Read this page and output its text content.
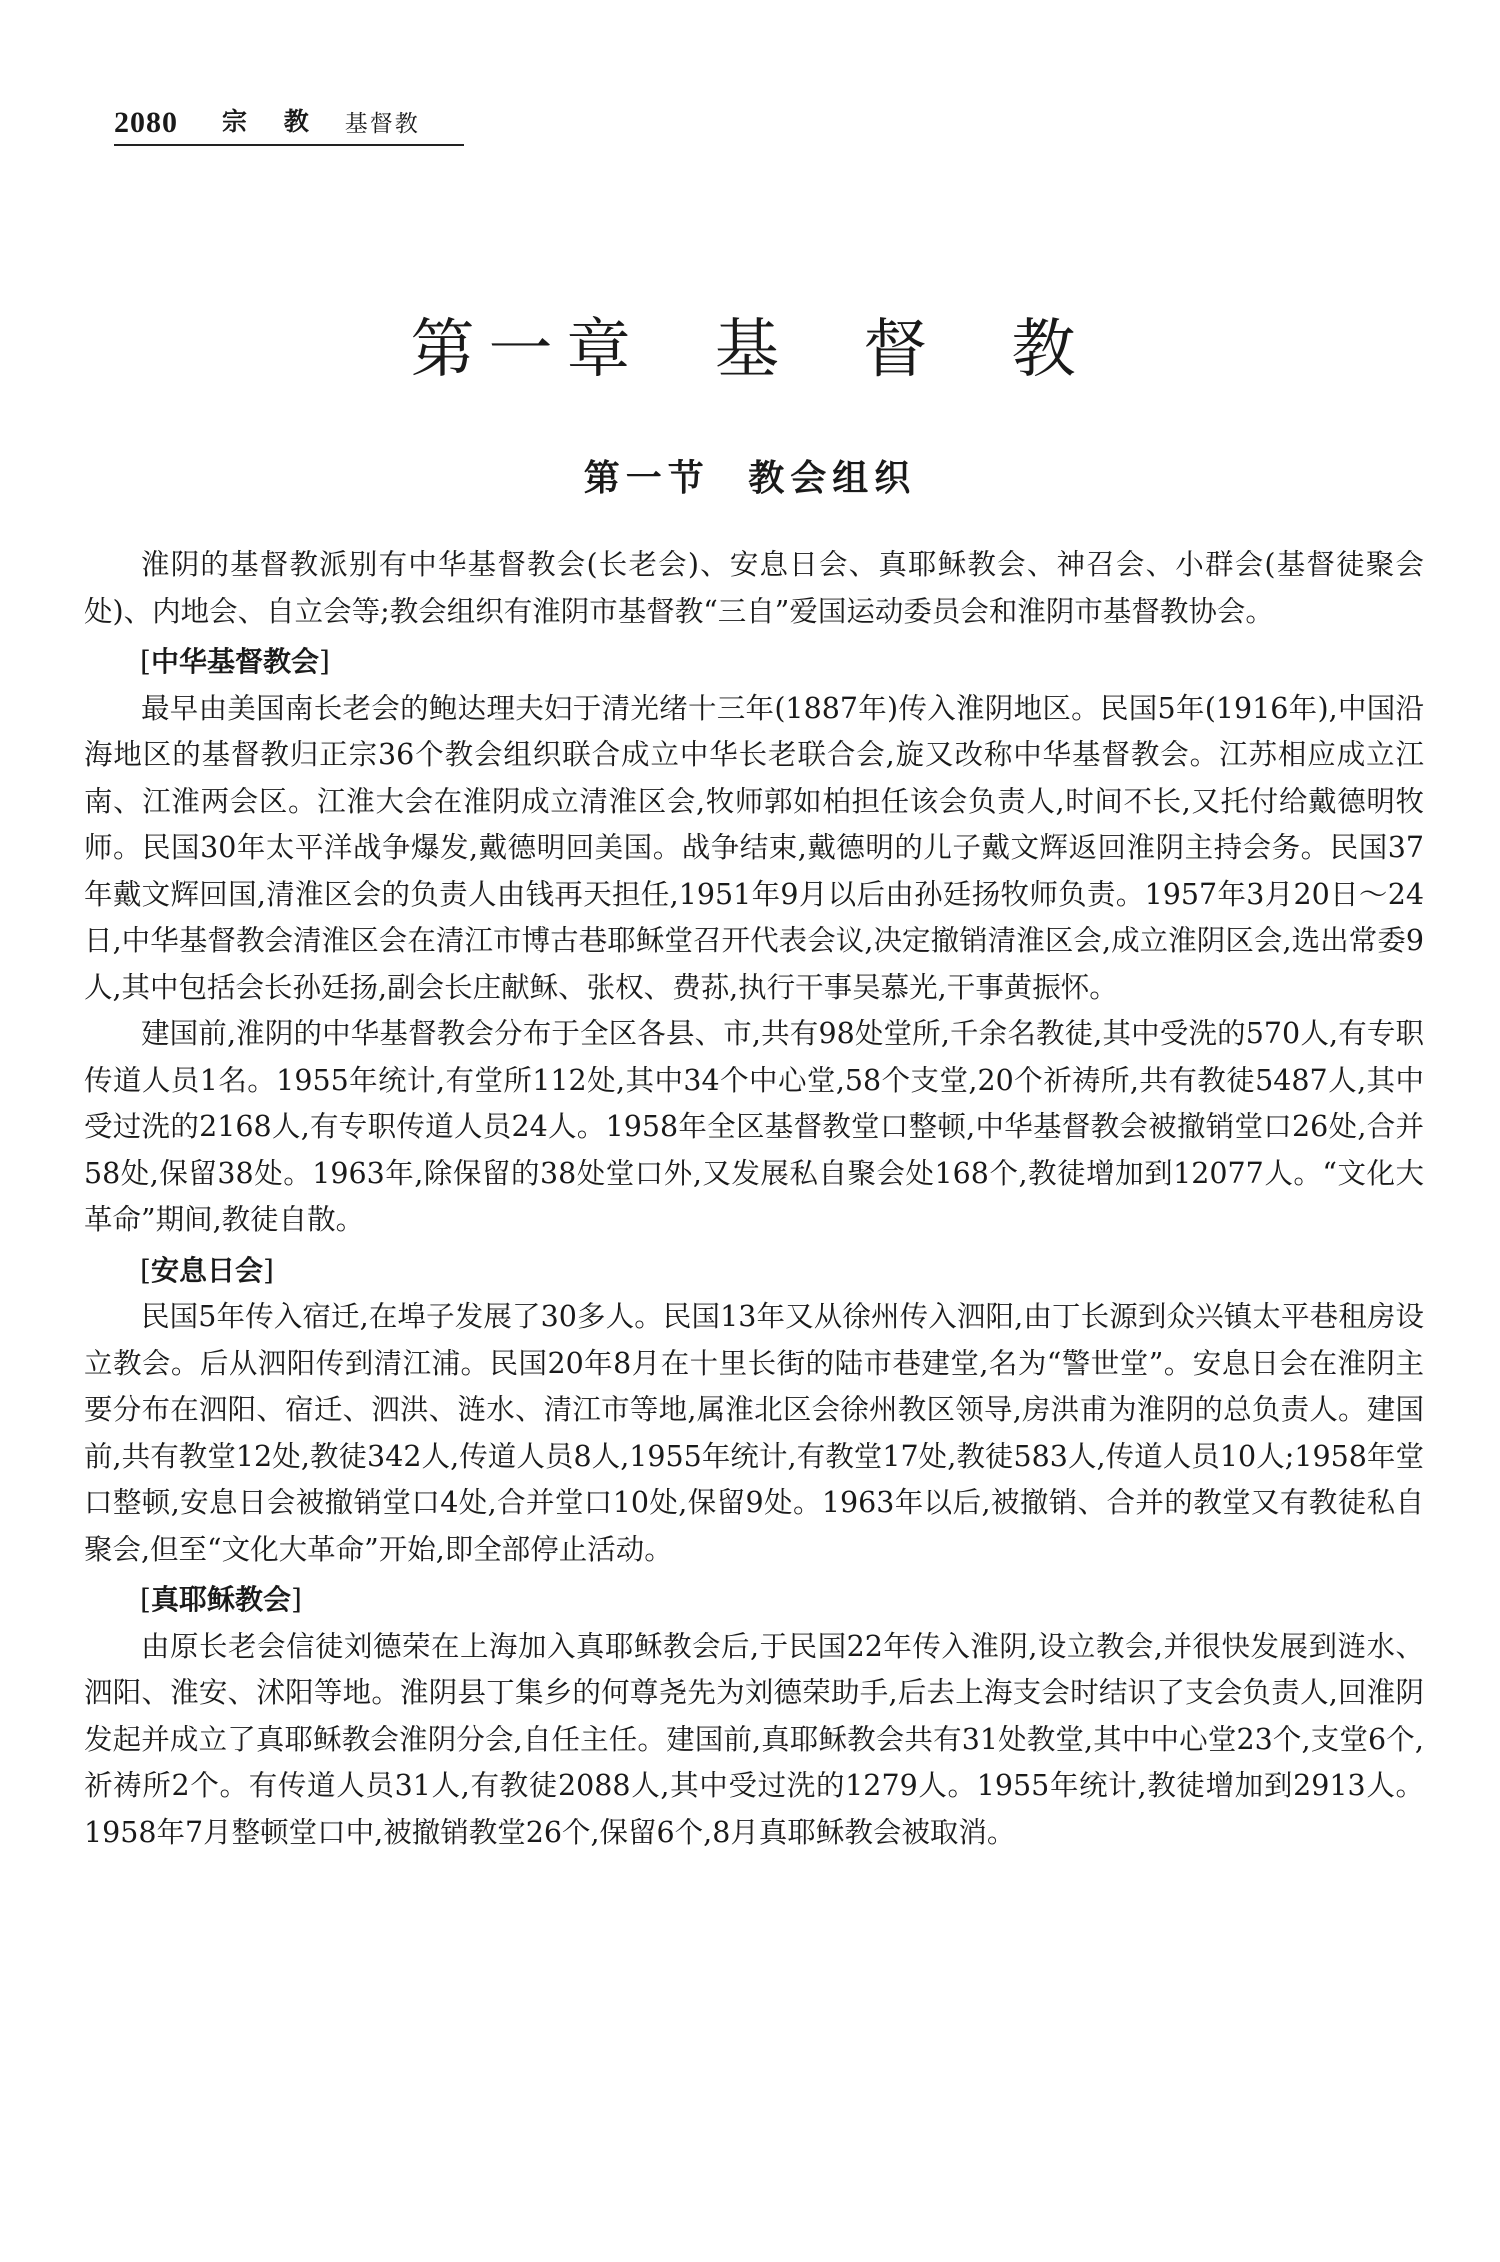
2080 宗 教 基督教
第一章 基 督 教
第一节 教会组织

淮阴的基督教派别有中华基督教会(长老会)、安息日会、真耶稣教会、神召会、小群会(基督徒聚会处)、内地会、自立会等;教会组织有淮阴市基督教“三自”爱国运动委员会和淮阴市基督教协会。

[中华基督教会]

最早由美国南长老会的鲍达理夫妇于清光绪十三年(1887年)传入淮阴地区。民国5年(1916年),中国沿海地区的基督教归正宗36个教会组织联合成立中华长老联合会,旋又改称中华基督教会。江苏相应成立江南、江淮两会区。江淮大会在淮阴成立清淮区会,牧师郭如柏担任该会负责人,时间不长,又托付给戴德明牧师。民国30年太平洋战争爆发,戴德明回美国。战争结束,戴德明的儿子戴文辉返回淮阴主持会务。民国37年戴文辉回国,清淮区会的负责人由钱再天担任,1951年9月以后由孙廷扬牧师负责。1957年3月20日～24日,中华基督教会清淮区会在清江市博古巷耶稣堂召开代表会议,决定撤销清淮区会,成立淮阴区会,选出常委9人,其中包括会长孙廷扬,副会长庄献稣、张权、费荪,执行干事吴慕光,干事黄振怀。

建国前,淮阴的中华基督教会分布于全区各县、市,共有98处堂所,千余名教徒,其中受洗的570人,有专职传道人员1名。1955年统计,有堂所112处,其中34个中心堂,58个支堂,20个祈祷所,共有教徒5487人,其中受过洗的2168人,有专职传道人员24人。1958年全区基督教堂口整顿,中华基督教会被撤销堂口26处,合并58处,保留38处。1963年,除保留的38处堂口外,又发展私自聚会处168个,教徒增加到12077人。“文化大革命”期间,教徒自散。

[安息日会]

民国5年传入宿迁,在埠子发展了30多人。民国13年又从徐州传入泗阳,由丁长源到众兴镇太平巷租房设立教会。后从泗阳传到清江浦。民国20年8月在十里长街的陆市巷建堂,名为“警世堂”。安息日会在淮阴主要分布在泗阳、宿迁、泗洪、涟水、清江市等地,属淮北区会徐州教区领导,房洪甫为淮阴的总负责人。建国前,共有教堂12处,教徒342人,传道人员8人,1955年统计,有教堂17处,教徒583人,传道人员10人;1958年堂口整顿,安息日会被撤销堂口4处,合并堂口10处,保留9处。1963年以后,被撤销、合并的教堂又有教徒私自聚会,但至“文化大革命”开始,即全部停止活动。

[真耶稣教会]

由原长老会信徒刘德荣在上海加入真耶稣教会后,于民国22年传入淮阴,设立教会,并很快发展到涟水、泗阳、淮安、沭阳等地。淮阴县丁集乡的何尊尧先为刘德荣助手,后去上海支会时结识了支会负责人,回淮阴发起并成立了真耶稣教会淮阴分会,自任主任。建国前,真耶稣教会共有31处教堂,其中中心堂23个,支堂6个,祈祷所2个。有传道人员31人,有教徒2088人,其中受过洗的1279人。1955年统计,教徒增加到2913人。1958年7月整顿堂口中,被撤销教堂26个,保留6个,8月真耶稣教会被取消。
